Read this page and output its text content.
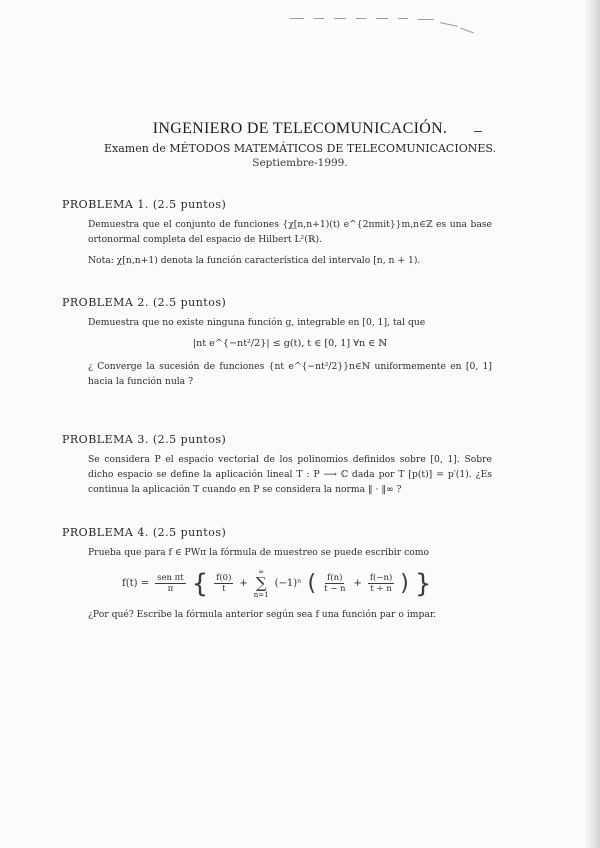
INGENIERO DE TELECOMUNICACIÓN.
Examen de MÉTODOS MATEMÁTICOS DE TELECOMUNICACIONES.
Septiembre-1999.
PROBLEMA 1. (2.5 puntos)
Demuestra que el conjunto de funciones {χ[n,n+1)(t) e^{2πmit}}m,n∈ℤ es una base ortonormal completa del espacio de Hilbert L²(ℝ).
Nota: χ[n,n+1) denota la función característica del intervalo [n, n + 1).
PROBLEMA 2. (2.5 puntos)
Demuestra que no existe ninguna función g, integrable en [0, 1], tal que
|nt e^{−nt²/2}| ≤ g(t), t ∈ [0, 1] ∀n ∈ ℕ
¿ Converge la sucesión de funciones {nt e^{−nt²/2}}n∈ℕ uniformemente en [0, 1] hacia la función nula ?
PROBLEMA 3. (2.5 puntos)
Se considera P el espacio vectorial de los polinomios definidos sobre [0, 1]. Sobre dicho espacio se define la aplicación lineal T : P ⟶ ℂ dada por T [p(t)] = p′(1). ¿Es continua la aplicación T cuando en P se considera la norma ‖ · ‖∞ ?
PROBLEMA 4. (2.5 puntos)
Prueba que para f ∈ PWπ la fórmula de muestreo se puede escribir como
$f(t) = \frac{\text{sen πt}}{\pi}$ { $\frac{f(0)}{t}$ +
∞
∑
n=1
(−1)ⁿ ( $\frac{f(n)}{t - n} + \frac{f(-n)}{t + n}$ ) }
¿Por qué? Escribe la fórmula anterior según sea f una función par o impar.
